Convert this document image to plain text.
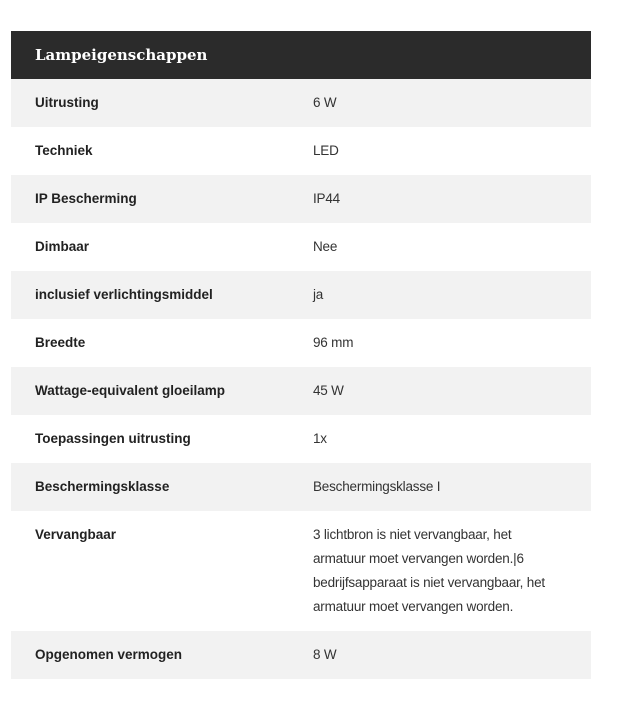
Lampeigenschappen
Uitrusting	6 W
Techniek	LED
IP Bescherming	IP44
Dimbaar	Nee
inclusief verlichtingsmiddel	ja
Breedte	96 mm
Wattage-equivalent gloeilamp	45 W
Toepassingen uitrusting	1x
Beschermingsklasse	Beschermingsklasse I
Vervangbaar	3 lichtbron is niet vervangbaar, het armatuur moet vervangen worden.|6 bedrijfsapparaat is niet vervangbaar, het armatuur moet vervangen worden.
Opgenomen vermogen	8 W
